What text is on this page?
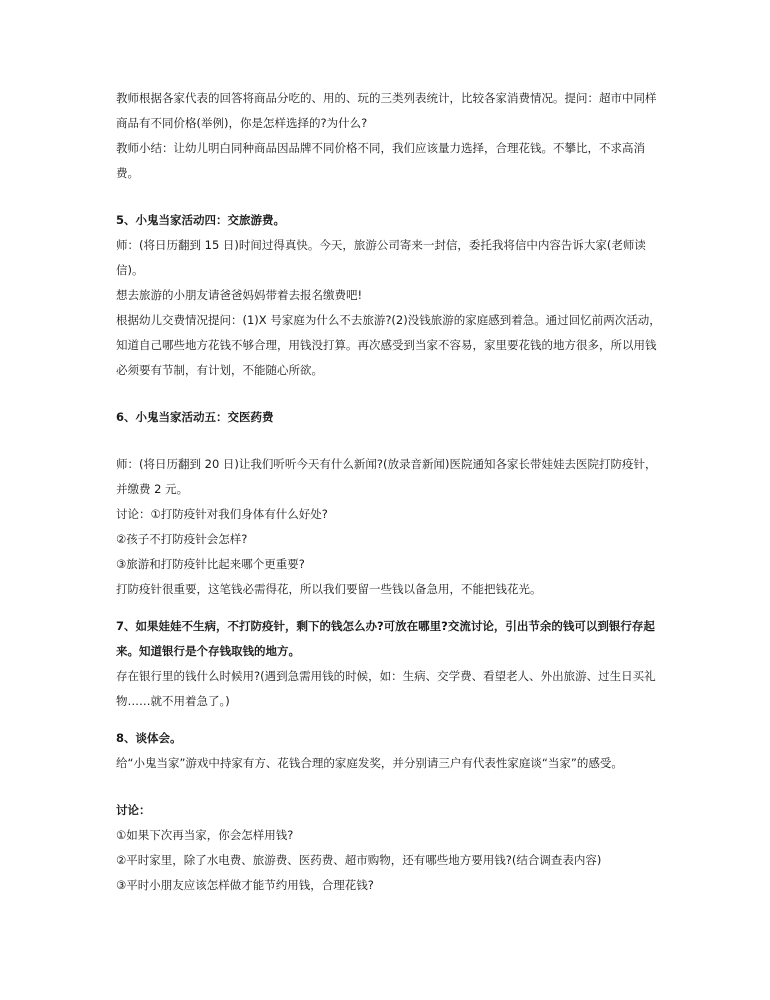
教师根据各家代表的回答将商品分吃的、用的、玩的三类列表统计，比较各家消费情况。提问：超市中同样商品有不同价格(举例)，你是怎样选择的?为什么?

教师小结：让幼儿明白同种商品因品牌不同价格不同，我们应该量力选择，合理花钱。不攀比，不求高消费。

5、小鬼当家活动四：交旅游费。

师：(将日历翻到 15 日)时间过得真快。今天，旅游公司寄来一封信，委托我将信中内容告诉大家(老师读信)。

想去旅游的小朋友请爸爸妈妈带着去报名缴费吧!

根据幼儿交费情况提问：(1)X 号家庭为什么不去旅游?(2)没钱旅游的家庭感到着急。通过回忆前两次活动，知道自己哪些地方花钱不够合理，用钱没打算。再次感受到当家不容易，家里要花钱的地方很多，所以用钱必须要有节制，有计划，不能随心所欲。

6、小鬼当家活动五：交医药费

师：(将日历翻到 20 日)让我们听听今天有什么新闻?(放录音新闻)医院通知各家长带娃娃去医院打防疫针，并缴费 2 元。

讨论：①打防疫针对我们身体有什么好处?

②孩子不打防疫针会怎样?

③旅游和打防疫针比起来哪个更重要?

打防疫针很重要，这笔钱必需得花，所以我们要留一些钱以备急用，不能把钱花光。

7、如果娃娃不生病，不打防疫针，剩下的钱怎么办?可放在哪里?交流讨论，引出节余的钱可以到银行存起来。知道银行是个存钱取钱的地方。

存在银行里的钱什么时候用?(遇到急需用钱的时候，如：生病、交学费、看望老人、外出旅游、过生日买礼物……就不用着急了。)

8、谈体会。

给“小鬼当家”游戏中持家有方、花钱合理的家庭发奖，并分别请三户有代表性家庭谈“当家”的感受。

讨论：

①如果下次再当家，你会怎样用钱?

②平时家里，除了水电费、旅游费、医药费、超市购物，还有哪些地方要用钱?(结合调查表内容)

③平时小朋友应该怎样做才能节约用钱，合理花钱?
